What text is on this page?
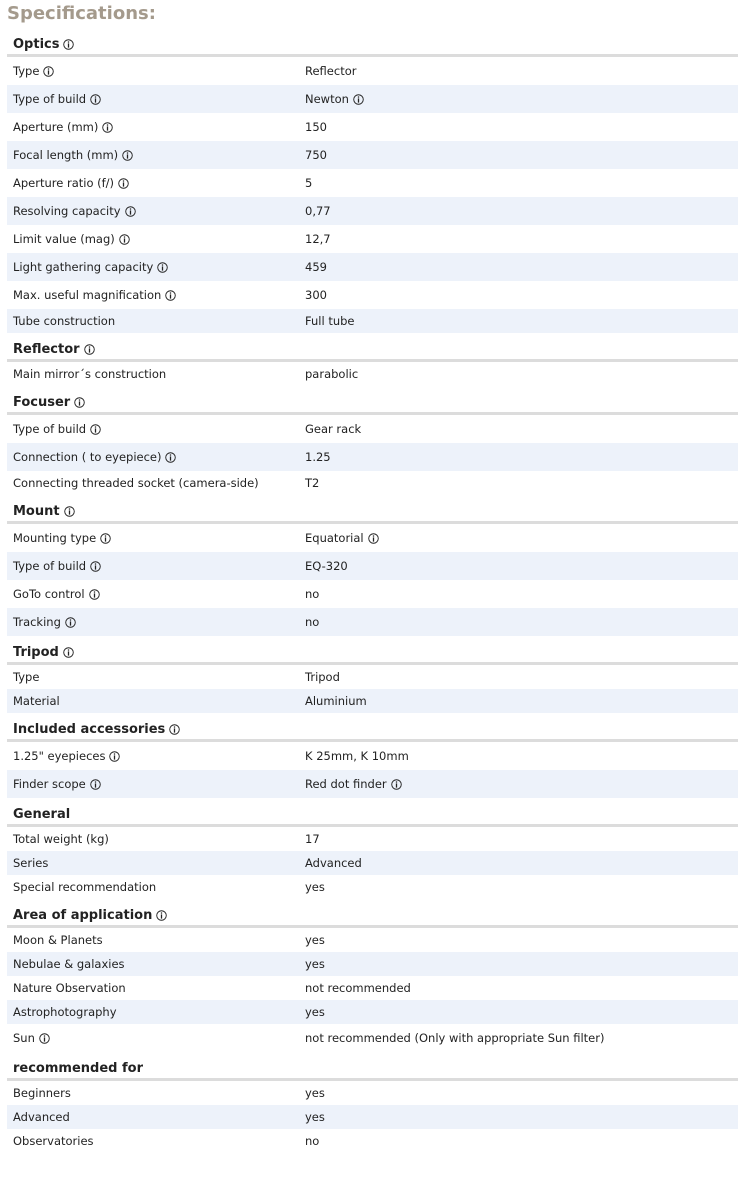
Specifications:
Optics
Type	Reflector
Type of build	Newton
Aperture (mm)	150
Focal length (mm)	750
Aperture ratio (f/)	5
Resolving capacity	0,77
Limit value (mag)	12,7
Light gathering capacity	459
Max. useful magnification	300
Tube construction	Full tube
Reflector
Main mirror´s construction	parabolic
Focuser
Type of build	Gear rack
Connection ( to eyepiece)	1.25
Connecting threaded socket (camera-side)	T2
Mount
Mounting type	Equatorial
Type of build	EQ-320
GoTo control	no
Tracking	no
Tripod
Type	Tripod
Material	Aluminium
Included accessories
1.25" eyepieces	K 25mm, K 10mm
Finder scope	Red dot finder
General
Total weight (kg)	17
Series	Advanced
Special recommendation	yes
Area of application
Moon & Planets	yes
Nebulae & galaxies	yes
Nature Observation	not recommended
Astrophotography	yes
Sun	not recommended (Only with appropriate Sun filter)
recommended for
Beginners	yes
Advanced	yes
Observatories	no
